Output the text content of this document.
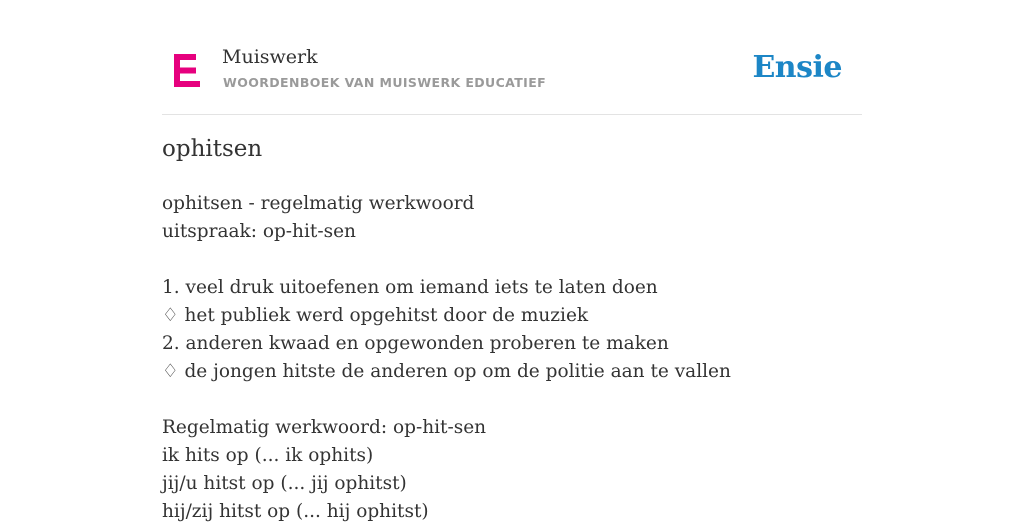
Muiswerk
WOORDENBOEK VAN MUISWERK EDUCATIEF	Ensie
ophitsen
ophitsen - regelmatig werkwoord
uitspraak: op-hit-sen
1. veel druk uitoefenen om iemand iets te laten doen
♢ het publiek werd opgehitst door de muziek
2. anderen kwaad en opgewonden proberen te maken
♢ de jongen hitste de anderen op om de politie aan te vallen
Regelmatig werkwoord: op-hit-sen
ik hits op (... ik ophits)
jij/u hitst op (... jij ophitst)
hij/zij hitst op (... hij ophitst)
